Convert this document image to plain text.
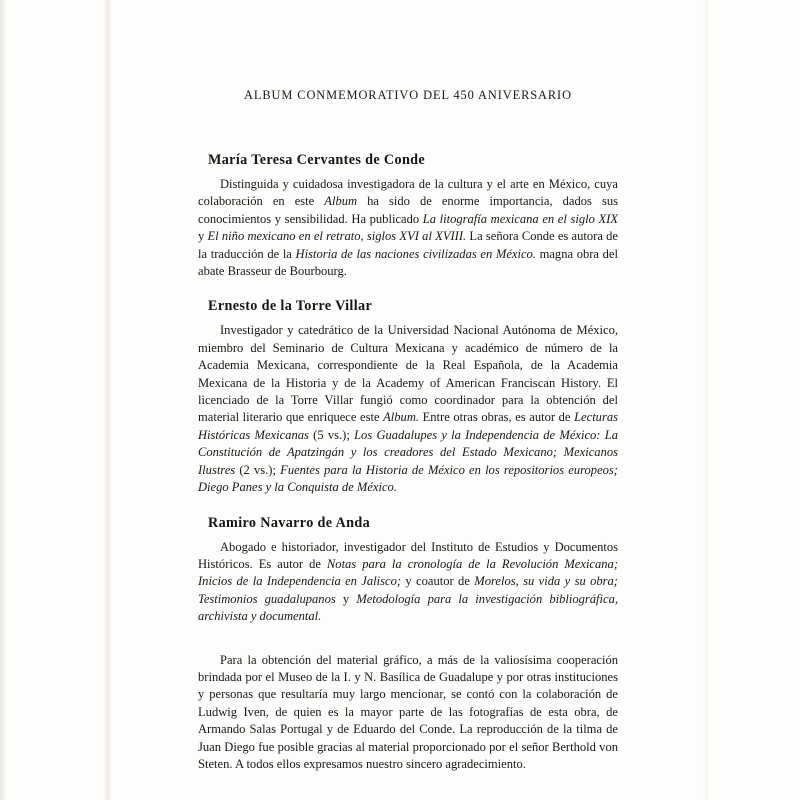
ALBUM CONMEMORATIVO DEL 450 ANIVERSARIO
María Teresa Cervantes de Conde

Distinguida y cuidadosa investigadora de la cultura y el arte en México, cuya colaboración en este Album ha sido de enorme importancia, dados sus conocimientos y sensibilidad. Ha publicado La litografía mexicana en el siglo XIX y El niño mexicano en el retrato, siglos XVI al XVIII. La señora Conde es autora de la traducción de la Historia de las naciones civilizadas en México. magna obra del abate Brasseur de Bourbourg.

Ernesto de la Torre Villar

Investigador y catedrático de la Universidad Nacional Autónoma de México, miembro del Seminario de Cultura Mexicana y académico de número de la Academia Mexicana, correspondiente de la Real Española, de la Academia Mexicana de la Historia y de la Academy of American Franciscan History. El licenciado de la Torre Villar fungió como coordinador para la obtención del material literario que enriquece este Album. Entre otras obras, es autor de Lecturas Históricas Mexicanas (5 vs.); Los Guadalupes y la Independencia de México: La Constitución de Apatzingán y los creadores del Estado Mexicano; Mexicanos Ilustres (2 vs.); Fuentes para la Historia de México en los repositorios europeos; Diego Panes y la Conquista de México.

Ramiro Navarro de Anda

Abogado e historiador, investigador del Instituto de Estudios y Documentos Históricos. Es autor de Notas para la cronología de la Revolución Mexicana; Inicios de la Independencia en Jalisco; y coautor de Morelos, su vida y su obra; Testimonios guadalupanos y Metodología para la investigación bibliográfica, archivista y documental.

Para la obtención del material gráfico, a más de la valiosísima cooperación brindada por el Museo de la I. y N. Basílica de Guadalupe y por otras instituciones y personas que resultaría muy largo mencionar, se contó con la colaboración de Ludwig Iven, de quien es la mayor parte de las fotografías de esta obra, de Armando Salas Portugal y de Eduardo del Conde. La reproducción de la tilma de Juan Diego fue posible gracias al material proporcionado por el señor Berthold von Steten. A todos ellos expresamos nuestro sincero agradecimiento.
